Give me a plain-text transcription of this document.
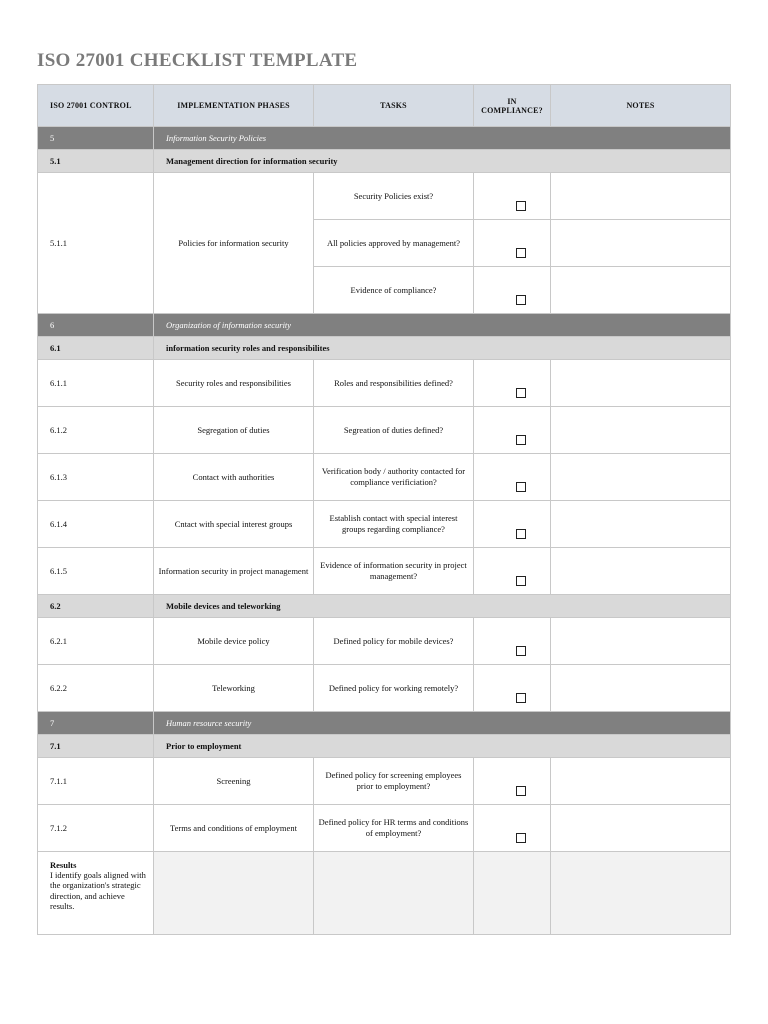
ISO 27001 CHECKLIST TEMPLATE
ISO 27001 CONTROL	IMPLEMENTATION PHASES	TASKS	IN COMPLIANCE?	NOTES
5	Information Security Policies			
5.1	Management direction for information security			
5.1.1	Policies for information security	Security Policies exist?	

		All policies approved by management?	

		Evidence of compliance?	

6	Organization of information security			
6.1	information security roles and responsibilites			
6.1.1	Security roles and responsibilities	Roles and responsibilities defined?	

6.1.2	Segregation of duties	Segreation of duties defined?	

6.1.3	Contact with authorities	Verification body / authority contacted for compliance verificiation?	

6.1.4	Cntact with special interest groups	Establish contact with special interest groups regarding compliance?	

6.1.5	Information security in project management	Evidence of information security in project management?	

6.2	Mobile devices and teleworking			
6.2.1	Mobile device policy	Defined policy for mobile devices?	

6.2.2	Teleworking	Defined policy for working remotely?	

7	Human resource security			
7.1	Prior to employment			
7.1.1	Screening	Defined policy for screening employees prior to employment?	

7.1.2	Terms and conditions of employment	Defined policy for HR terms and conditions of employment?	

Results
I identify goals aligned with the organization's strategic direction, and achieve results.				
